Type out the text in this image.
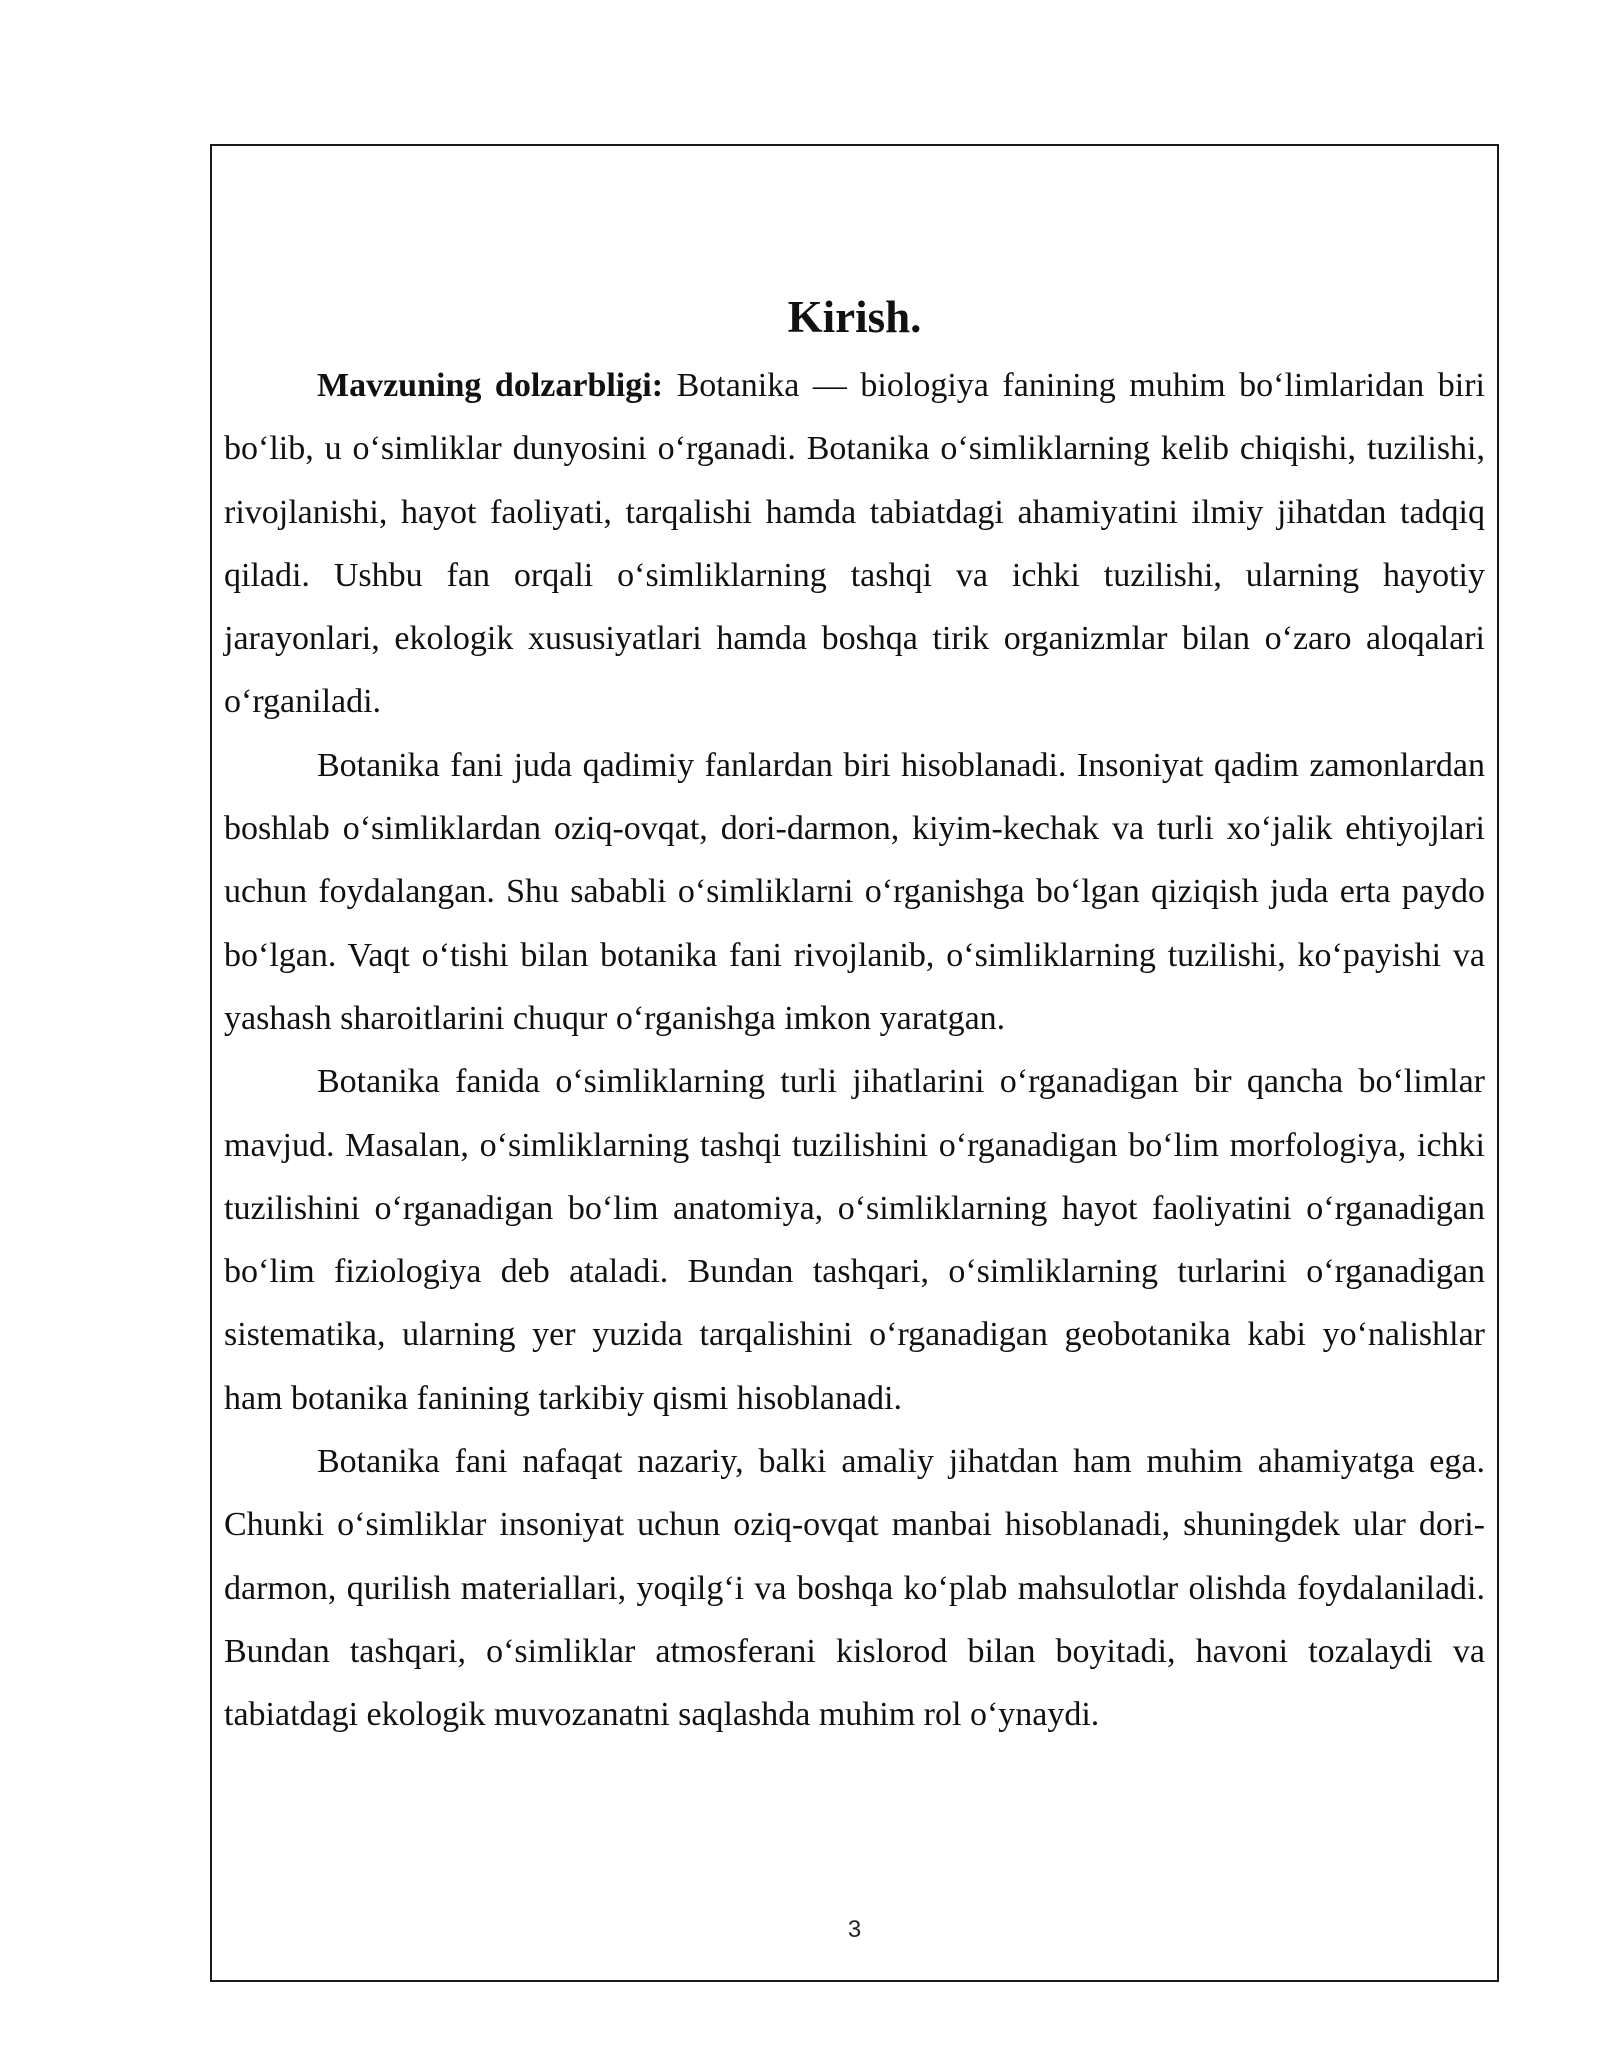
Kirish.

Mavzuning dolzarbligi: Botanika — biologiya fanining muhim bo‘limlaridan biri bo‘lib, u o‘simliklar dunyosini o‘rganadi. Botanika o‘simliklarning kelib chiqishi, tuzilishi, rivojlanishi, hayot faoliyati, tarqalishi hamda tabiatdagi ahamiyatini ilmiy jihatdan tadqiq qiladi. Ushbu fan orqali o‘simliklarning tashqi va ichki tuzilishi, ularning hayotiy jarayonlari, ekologik xususiyatlari hamda boshqa tirik organizmlar bilan o‘zaro aloqalari o‘rganiladi.

Botanika fani juda qadimiy fanlardan biri hisoblanadi. Insoniyat qadim zamonlardan boshlab o‘simliklardan oziq-ovqat, dori-darmon, kiyim-kechak va turli xo‘jalik ehtiyojlari uchun foydalangan. Shu sababli o‘simliklarni o‘rganishga bo‘lgan qiziqish juda erta paydo bo‘lgan. Vaqt o‘tishi bilan botanika fani rivojlanib, o‘simliklarning tuzilishi, ko‘payishi va yashash sharoitlarini chuqur o‘rganishga imkon yaratgan.

Botanika fanida o‘simliklarning turli jihatlarini o‘rganadigan bir qancha bo‘limlar mavjud. Masalan, o‘simliklarning tashqi tuzilishini o‘rganadigan bo‘lim morfologiya, ichki tuzilishini o‘rganadigan bo‘lim anatomiya, o‘simliklarning hayot faoliyatini o‘rganadigan bo‘lim fiziologiya deb ataladi. Bundan tashqari, o‘simliklarning turlarini o‘rganadigan sistematika, ularning yer yuzida tarqalishini o‘rganadigan geobotanika kabi yo‘nalishlar ham botanika fanining tarkibiy qismi hisoblanadi.

Botanika fani nafaqat nazariy, balki amaliy jihatdan ham muhim ahamiyatga ega. Chunki o‘simliklar insoniyat uchun oziq-ovqat manbai hisoblanadi, shuningdek ular dori-darmon, qurilish materiallari, yoqilg‘i va boshqa ko‘plab mahsulotlar olishda foydalaniladi. Bundan tashqari, o‘simliklar atmosferani kislorod bilan boyitadi, havoni tozalaydi va tabiatdagi ekologik muvozanatni saqlashda muhim rol o‘ynaydi.

3
